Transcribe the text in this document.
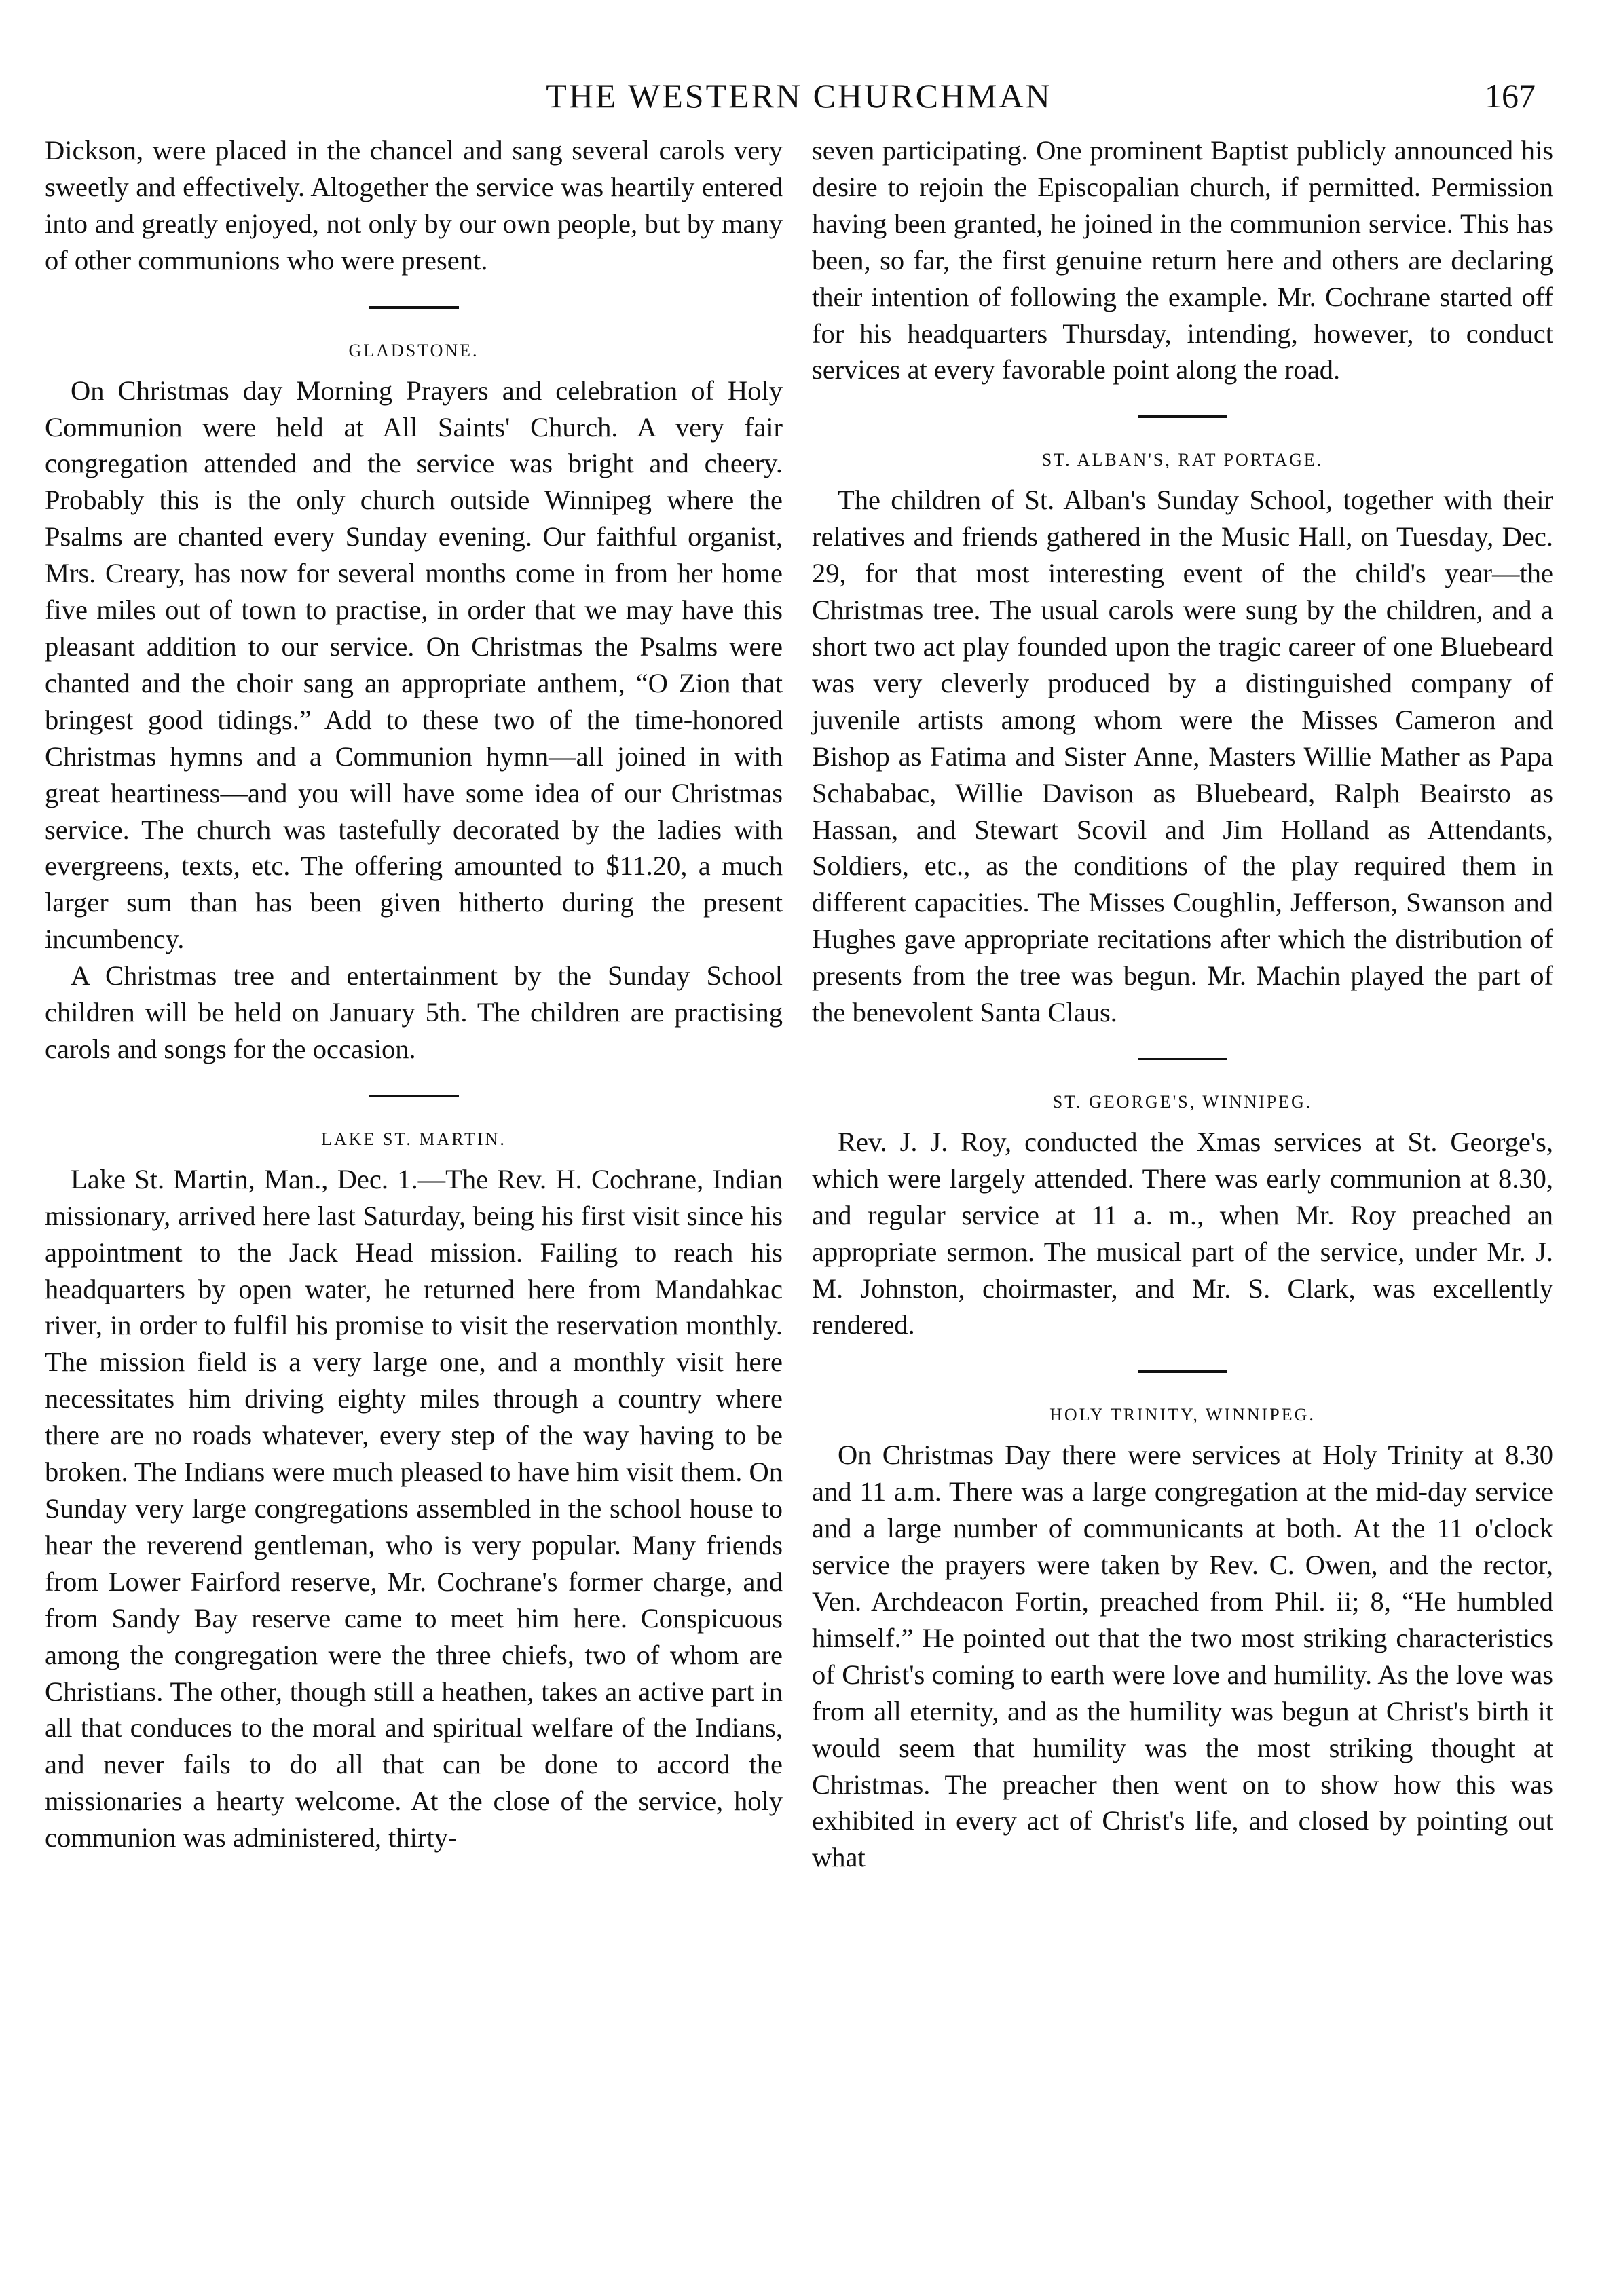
THE WESTERN CHURCHMAN	167

Dickson, were placed in the chancel and sang several carols very sweetly and effectively. Altogether the service was heartily entered into and greatly enjoyed, not only by our own people, but by many of other communions who were present.

GLADSTONE.

On Christmas day Morning Prayers and celebration of Holy Communion were held at All Saints' Church. A very fair congregation attended and the service was bright and cheery. Probably this is the only church outside Winnipeg where the Psalms are chanted every Sunday evening. Our faithful organist, Mrs. Creary, has now for several months come in from her home five miles out of town to practise, in order that we may have this pleasant addition to our service. On Christmas the Psalms were chanted and the choir sang an appropriate anthem, “O Zion that bringest good tidings.” Add to these two of the time-honored Christmas hymns and a Communion hymn—all joined in with great heartiness—and you will have some idea of our Christmas service. The church was tastefully decorated by the ladies with evergreens, texts, etc. The offering amounted to $11.20, a much larger sum than has been given hitherto during the present incumbency.

A Christmas tree and entertainment by the Sunday School children will be held on January 5th. The children are practising carols and songs for the occasion.

LAKE ST. MARTIN.

Lake St. Martin, Man., Dec. 1.—The Rev. H. Cochrane, Indian missionary, arrived here last Saturday, being his first visit since his appointment to the Jack Head mission. Failing to reach his headquarters by open water, he returned here from Mandahkac river, in order to fulfil his promise to visit the reservation monthly. The mission field is a very large one, and a monthly visit here necessitates him driving eighty miles through a country where there are no roads whatever, every step of the way having to be broken. The Indians were much pleased to have him visit them. On Sunday very large congregations assembled in the school house to hear the reverend gentleman, who is very popular. Many friends from Lower Fairford reserve, Mr. Cochrane's former charge, and from Sandy Bay reserve came to meet him here. Conspicuous among the congregation were the three chiefs, two of whom are Christians. The other, though still a heathen, takes an active part in all that conduces to the moral and spiritual welfare of the Indians, and never fails to do all that can be done to accord the missionaries a hearty welcome. At the close of the service, holy communion was administered, thirty-

seven participating. One prominent Baptist publicly announced his desire to rejoin the Episcopalian church, if permitted. Permission having been granted, he joined in the communion service. This has been, so far, the first genuine return here and others are declaring their intention of following the example. Mr. Cochrane started off for his headquarters Thursday, intending, however, to conduct services at every favorable point along the road.

ST. ALBAN'S, RAT PORTAGE.

The children of St. Alban's Sunday School, together with their relatives and friends gathered in the Music Hall, on Tuesday, Dec. 29, for that most interesting event of the child's year—the Christmas tree. The usual carols were sung by the children, and a short two act play founded upon the tragic career of one Bluebeard was very cleverly produced by a distinguished company of juvenile artists among whom were the Misses Cameron and Bishop as Fatima and Sister Anne, Masters Willie Mather as Papa Schababac, Willie Davison as Bluebeard, Ralph Beairsto as Hassan, and Stewart Scovil and Jim Holland as Attendants, Soldiers, etc., as the conditions of the play required them in different capacities. The Misses Coughlin, Jefferson, Swanson and Hughes gave appropriate recitations after which the distribution of presents from the tree was begun. Mr. Machin played the part of the benevolent Santa Claus.

ST. GEORGE'S, WINNIPEG.

Rev. J. J. Roy, conducted the Xmas services at St. George's, which were largely attended. There was early communion at 8.30, and regular service at 11 a. m., when Mr. Roy preached an appropriate sermon. The musical part of the service, under Mr. J. M. Johnston, choirmaster, and Mr. S. Clark, was excellently rendered.

HOLY TRINITY, WINNIPEG.

On Christmas Day there were services at Holy Trinity at 8.30 and 11 a.m. There was a large congregation at the mid-day service and a large number of communicants at both. At the 11 o'clock service the prayers were taken by Rev. C. Owen, and the rector, Ven. Archdeacon Fortin, preached from Phil. ii; 8, “He humbled himself.” He pointed out that the two most striking characteristics of Christ's coming to earth were love and humility. As the love was from all eternity, and as the humility was begun at Christ's birth it would seem that humility was the most striking thought at Christmas. The preacher then went on to show how this was exhibited in every act of Christ's life, and closed by pointing out what
